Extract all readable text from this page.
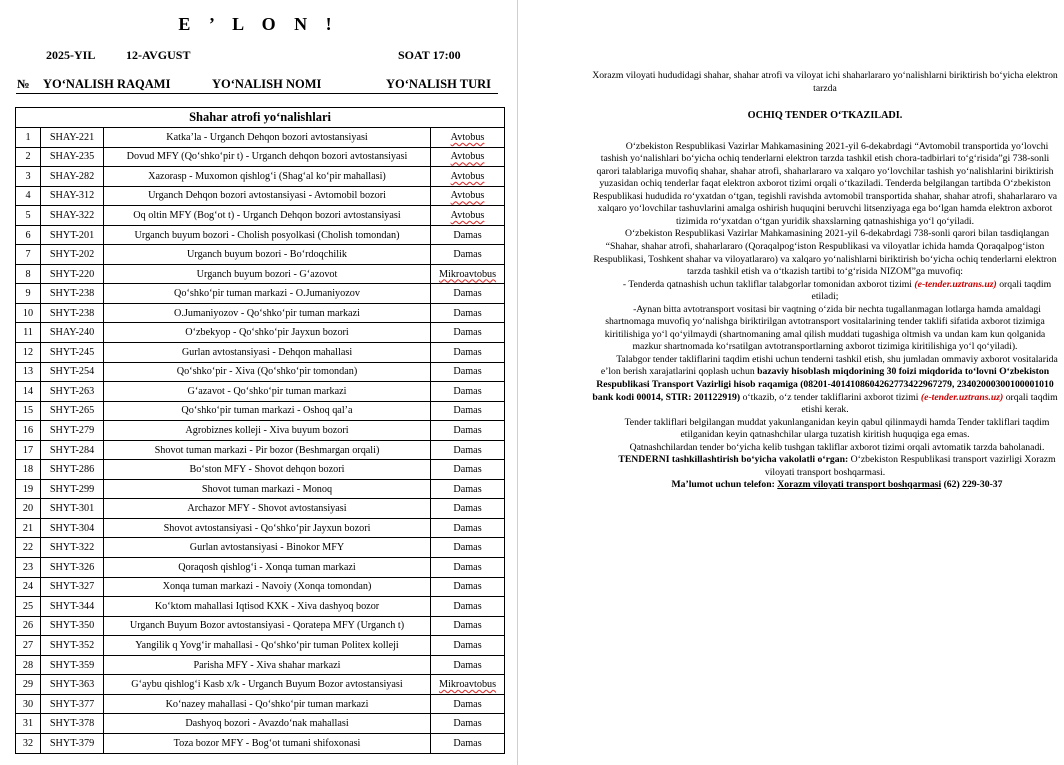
E ’ L O N !
2025-YIL	12-AVGUST	SOAT 17:00
№ YO‘NALISH RAQAMI	YO‘NALISH NOMI	YO‘NALISH TURI
Shahar atrofi yo‘nalishlari			
1	SHAY-221	Katka’la - Urganch Dehqon bozori avtostansiyasi	Avtobus
2	SHAY-235	Dovud MFY (Qo‘shko‘pir t) - Urganch dehqon bozori avtostansiyasi	Avtobus
3	SHAY-282	Xazorasp - Muxomon qishlog‘i (Shag‘al ko‘pir mahallasi)	Avtobus
4	SHAY-312	Urganch Dehqon bozori avtostansiyasi - Avtomobil bozori	Avtobus
5	SHAY-322	Oq oltin MFY (Bog‘ot t) - Urganch Dehqon bozori avtostansiyasi	Avtobus
6	SHYT-201	Urganch buyum bozori - Cholish posyolkasi (Cholish tomondan)	Damas
7	SHYT-202	Urganch buyum bozori - Bo‘rdoqchilik	Damas
8	SHYT-220	Urganch buyum bozori - G‘azovot	Mikroavtobus
9	SHYT-238	Qo‘shko‘pir tuman markazi - O.Jumaniyozov	Damas
10	SHYT-238	O.Jumaniyozov - Qo‘shko‘pir tuman markazi	Damas
11	SHAY-240	O‘zbekyop - Qo‘shko‘pir Jayxun bozori	Damas
12	SHYT-245	Gurlan avtostansiyasi - Dehqon mahallasi	Damas
13	SHYT-254	Qo‘shko‘pir - Xiva (Qo‘shko‘pir tomondan)	Damas
14	SHYT-263	G‘azavot - Qo‘shko‘pir tuman markazi	Damas
15	SHYT-265	Qo‘shko‘pir tuman markazi - Oshoq qal’a	Damas
16	SHYT-279	Agrobiznes kolleji - Xiva buyum bozori	Damas
17	SHYT-284	Shovot tuman markazi - Pir bozor (Beshmargan orqali)	Damas
18	SHYT-286	Bo‘ston MFY - Shovot dehqon bozori	Damas
19	SHYT-299	Shovot tuman markazi - Monoq	Damas
20	SHYT-301	Archazor MFY - Shovot avtostansiyasi	Damas
21	SHYT-304	Shovot avtostansiyasi - Qo‘shko‘pir Jayxun bozori	Damas
22	SHYT-322	Gurlan avtostansiyasi - Binokor MFY	Damas
23	SHYT-326	Qoraqosh qishlog‘i - Xonqa tuman markazi	Damas
24	SHYT-327	Xonqa tuman markazi - Navoiy (Xonqa tomondan)	Damas
25	SHYT-344	Ko‘ktom mahallasi Iqtisod KXK - Xiva dashyoq bozor	Damas
26	SHYT-350	Urganch Buyum Bozor avtostansiyasi - Qoratepa MFY (Urganch t)	Damas
27	SHYT-352	Yangilik q Yovg‘ir mahallasi - Qo‘shko‘pir tuman Politex kolleji	Damas
28	SHYT-359	Parisha MFY - Xiva shahar markazi	Damas
29	SHYT-363	G‘aybu qishlog‘i Kasb x/k - Urganch Buyum Bozor avtostansiyasi	Mikroavtobus
30	SHYT-377	Ko‘nazey mahallasi - Qo‘shko‘pir tuman markazi	Damas
31	SHYT-378	Dashyoq bozori - Avazdo‘nak mahallasi	Damas
32	SHYT-379	Toza bozor MFY - Bog‘ot tumani shifoxonasi	Damas

Xorazm viloyati hududidagi shahar, shahar atrofi va viloyat ichi shaharlararo yo‘nalishlarni biriktirish bo‘yicha elektron tarzda

OCHIQ TENDER O‘TKAZILADI.

O‘zbekiston Respublikasi Vazirlar Mahkamasining 2021-yil 6-dekabrdagi “Avtomobil transportida yo‘lovchi tashish yo‘nalishlari bo‘yicha ochiq tenderlarni elektron tarzda tashkil etish chora-tadbirlari to‘g‘risida”gi 738-sonli qarori talablariga muvofiq shahar, shahar atrofi, shaharlararo va xalqaro yo‘lovchilar tashish yo‘nalishlarini biriktirish yuzasidan ochiq tenderlar faqat elektron axborot tizimi orqali o‘tkaziladi. Tenderda belgilangan tartibda O‘zbekiston Respublikasi hududida ro‘yxatdan o‘tgan, tegishli ravishda avtomobil transportida shahar, shahar atrofi, shaharlararo va xalqaro yo‘lovchilar tashuvlarini amalga oshirish huquqini beruvchi litsenziyaga ega bo‘lgan hamda elektron axborot tizimida ro‘yxatdan o‘tgan yuridik shaxslarning qatnashishiga yo‘l qo‘yiladi.

O‘zbekiston Respublikasi Vazirlar Mahkamasining 2021-yil 6-dekabrdagi 738-sonli qarori bilan tasdiqlangan “Shahar, shahar atrofi, shaharlararo (Qoraqalpog‘iston Respublikasi va viloyatlar ichida hamda Qoraqalpog‘iston Respublikasi, Toshkent shahar va viloyatlararo) va xalqaro yo‘nalishlarni biriktirish bo‘yicha ochiq tenderlarni elektron tarzda tashkil etish va o‘tkazish tartibi to‘g‘risida NIZOM”ga muvofiq:

- Tenderda qatnashish uchun takliflar talabgorlar tomonidan axborot tizimi (e-tender.uztrans.uz) orqali taqdim etiladi;

-Aynan bitta avtotransport vositasi bir vaqtning o‘zida bir nechta tugallanmagan lotlarga hamda amaldagi shartnomaga muvofiq yo‘nalishga biriktirilgan avtotransport vositalarining tender taklifi sifatida axborot tizimiga kiritilishiga yo‘l qo‘yilmaydi (shartnomaning amal qilish muddati tugashiga oltmish va undan kam kun qolganida mazkur shartnomada ko‘rsatilgan avtotransportlarning axborot tizimiga kiritilishiga yo‘l qo‘yiladi).

Talabgor tender takliflarini taqdim etishi uchun tenderni tashkil etish, shu jumladan ommaviy axborot vositalarida e’lon berish xarajatlarini qoplash uchun bazaviy hisoblash miqdorining 30 foizi miqdorida to‘lovni O‘zbekiston Respublikasi Transport Vazirligi hisob raqamiga (08201-401410860426277342296727​9, 23402000300100001010 bank kodi 00014, STIR: 201122919) o‘tkazib, o‘z tender takliflarini axborot tizimi (e-tender.uztrans.uz) orqali taqdim etishi kerak.

Tender takliflari belgilangan muddat yakunlanganidan keyin qabul qilinmaydi hamda Tender takliflari taqdim etilganidan keyin qatnashchilar ularga tuzatish kiritish huquqiga ega emas.

Qatnashchilardan tender bo‘yicha kelib tushgan takliflar axborot tizimi orqali avtomatik tarzda baholanadi.

TENDERNI tashkillashtirish bo‘yicha vakolatli o‘rgan: O‘zbekiston Respublikasi transport vazirligi Xorazm viloyati transport boshqarmasi.

Ma’lumot uchun telefon: Xorazm viloyati transport boshqarmasi (62) 229-30-37
